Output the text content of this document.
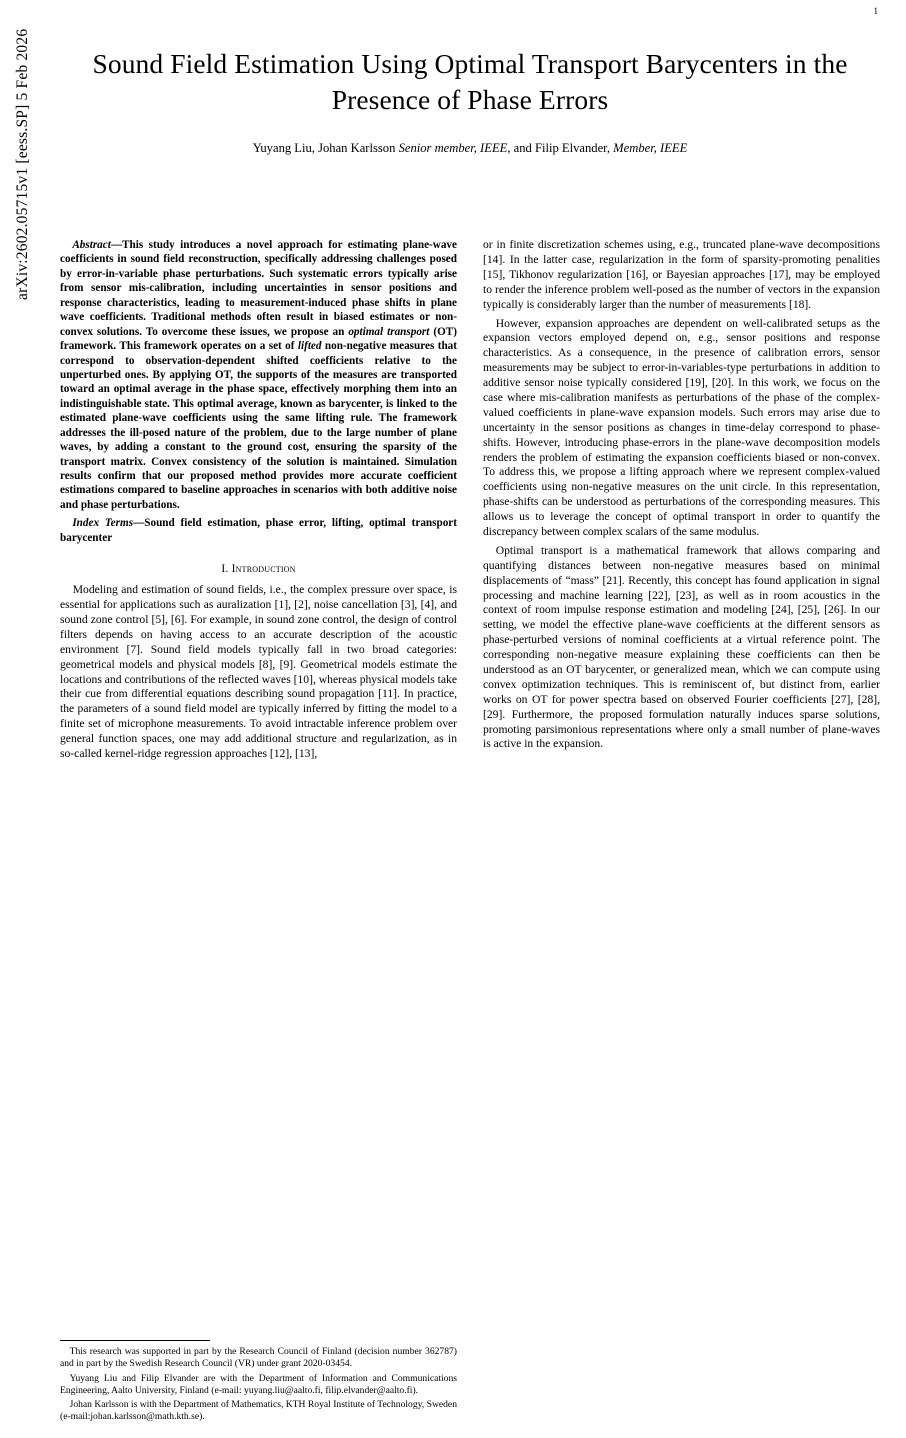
1
arXiv:2602.05715v1 [eess.SP] 5 Feb 2026	Sound Field Estimation Using Optimal Transport Barycenters in the Presence of Phase Errors
Yuyang Liu, Johan Karlsson Senior member, IEEE, and Filip Elvander, Member, IEEE

Abstract—This study introduces a novel approach for estimating plane-wave coefficients in sound field reconstruction, specifically addressing challenges posed by error-in-variable phase perturbations. Such systematic errors typically arise from sensor mis-calibration, including uncertainties in sensor positions and response characteristics, leading to measurement-induced phase shifts in plane wave coefficients. Traditional methods often result in biased estimates or non-convex solutions. To overcome these issues, we propose an optimal transport (OT) framework. This framework operates on a set of lifted non-negative measures that correspond to observation-dependent shifted coefficients relative to the unperturbed ones. By applying OT, the supports of the measures are transported toward an optimal average in the phase space, effectively morphing them into an indistinguishable state. This optimal average, known as barycenter, is linked to the estimated plane-wave coefficients using the same lifting rule. The framework addresses the ill-posed nature of the problem, due to the large number of plane waves, by adding a constant to the ground cost, ensuring the sparsity of the transport matrix. Convex consistency of the solution is maintained. Simulation results confirm that our proposed method provides more accurate coefficient estimations compared to baseline approaches in scenarios with both additive noise and phase perturbations.

Index Terms—Sound field estimation, phase error, lifting, optimal transport barycenter

I. Introduction

Modeling and estimation of sound fields, i.e., the complex pressure over space, is essential for applications such as auralization [1], [2], noise cancellation [3], [4], and sound zone control [5], [6]. For example, in sound zone control, the design of control filters depends on having access to an accurate description of the acoustic environment [7]. Sound field models typically fall in two broad categories: geometrical models and physical models [8], [9]. Geometrical models estimate the locations and contributions of the reflected waves [10], whereas physical models take their cue from differential equations describing sound propagation [11]. In practice, the parameters of a sound field model are typically inferred by fitting the model to a finite set of microphone measurements. To avoid intractable inference problem over general function spaces, one may add additional structure and regularization, as in so-called kernel-ridge regression approaches [12], [13],

This research was supported in part by the Research Council of Finland (decision number 362787) and in part by the Swedish Research Council (VR) under grant 2020-03454.

Yuyang Liu and Filip Elvander are with the Department of Information and Communications Engineering, Aalto University, Finland (e-mail: yuyang.liu@aalto.fi, filip.elvander@aalto.fi).

Johan Karlsson is with the Department of Mathematics, KTH Royal Institute of Technology, Sweden (e-mail:johan.karlsson@math.kth.se).

or in finite discretization schemes using, e.g., truncated plane-wave decompositions [14]. In the latter case, regularization in the form of sparsity-promoting penalities [15], Tikhonov regularization [16], or Bayesian approaches [17], may be employed to render the inference problem well-posed as the number of vectors in the expansion typically is considerably larger than the number of measurements [18].

However, expansion approaches are dependent on well-calibrated setups as the expansion vectors employed depend on, e.g., sensor positions and response characteristics. As a consequence, in the presence of calibration errors, sensor measurements may be subject to error-in-variables-type perturbations in addition to additive sensor noise typically considered [19], [20]. In this work, we focus on the case where mis-calibration manifests as perturbations of the phase of the complex-valued coefficients in plane-wave expansion models. Such errors may arise due to uncertainty in the sensor positions as changes in time-delay correspond to phase-shifts. However, introducing phase-errors in the plane-wave decomposition models renders the problem of estimating the expansion coefficients biased or non-convex. To address this, we propose a lifting approach where we represent complex-valued coefficients using non-negative measures on the unit circle. In this representation, phase-shifts can be understood as perturbations of the corresponding measures. This allows us to leverage the concept of optimal transport in order to quantify the discrepancy between complex scalars of the same modulus.

Optimal transport is a mathematical framework that allows comparing and quantifying distances between non-negative measures based on minimal displacements of “mass” [21]. Recently, this concept has found application in signal processing and machine learning [22], [23], as well as in room acoustics in the context of room impulse response estimation and modeling [24], [25], [26]. In our setting, we model the effective plane-wave coefficients at the different sensors as phase-perturbed versions of nominal coefficients at a virtual reference point. The corresponding non-negative measure explaining these coefficients can then be understood as an OT barycenter, or generalized mean, which we can compute using convex optimization techniques. This is reminiscent of, but distinct from, earlier works on OT for power spectra based on observed Fourier coefficients [27], [28], [29]. Furthermore, the proposed formulation naturally induces sparse solutions, promoting parsimonious representations where only a small number of plane-waves is active in the expansion.
